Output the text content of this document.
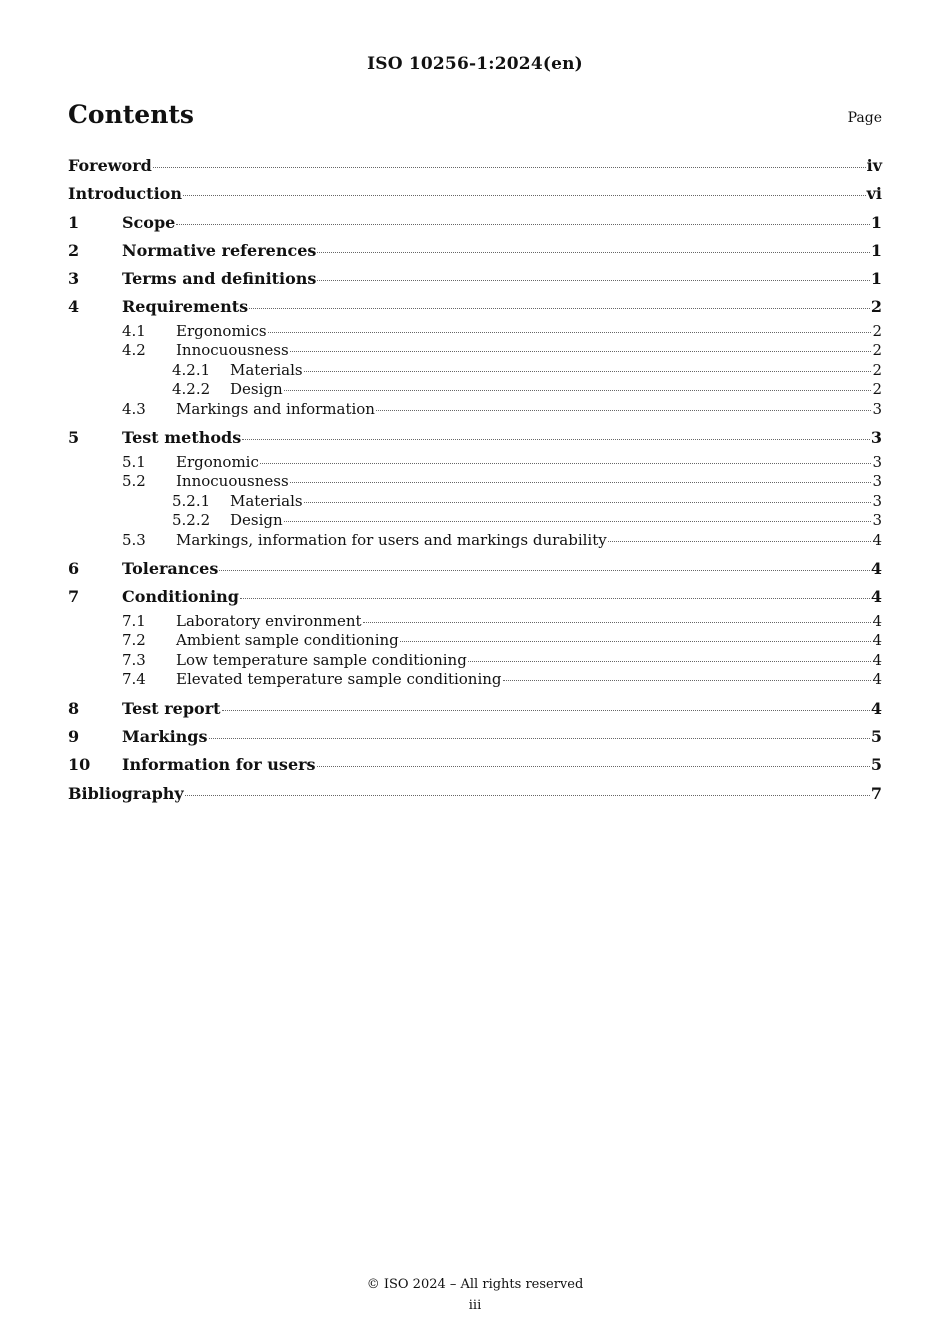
ISO 10256-1:2024(en)
Contents	Page
Foreword	iv
Introduction	vi
1	Scope	1
2	Normative references	1
3	Terms and definitions	1
4	Requirements	2
4.1	Ergonomics	2
4.2	Innocuousness	2
4.2.1	Materials	2
4.2.2	Design	2
4.3	Markings and information	3
5	Test methods	3
5.1	Ergonomic	3
5.2	Innocuousness	3
5.2.1	Materials	3
5.2.2	Design	3
5.3	Markings, information for users and markings durability	4
6	Tolerances	4
7	Conditioning	4
7.1	Laboratory environment	4
7.2	Ambient sample conditioning	4
7.3	Low temperature sample conditioning	4
7.4	Elevated temperature sample conditioning	4
8	Test report	4
9	Markings	5
10	Information for users	5
Bibliography	7
© ISO 2024 – All rights reserved
iii
